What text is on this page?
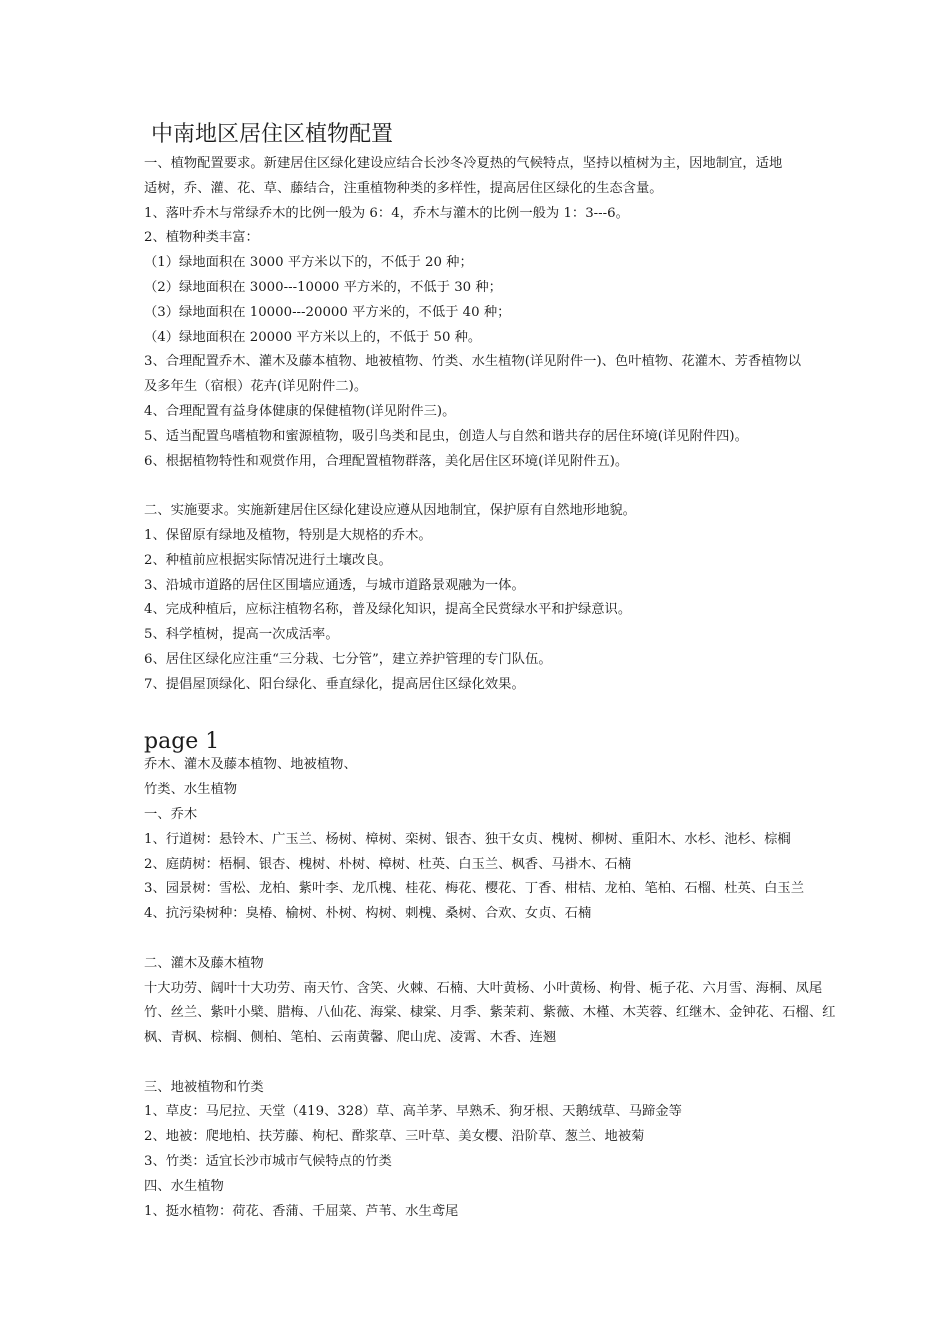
中南地区居住区植物配置

一、植物配置要求。新建居住区绿化建设应结合长沙冬冷夏热的气候特点，坚持以植树为主，因地制宜，适地

适树，乔、灌、花、草、藤结合，注重植物种类的多样性，提高居住区绿化的生态含量。

1、落叶乔木与常绿乔木的比例一般为 6：4，乔木与灌木的比例一般为 1：3---6。

2、植物种类丰富：

（1）绿地面积在 3000 平方米以下的，不低于 20 种；

（2）绿地面积在 3000---10000 平方米的，不低于 30 种；

（3）绿地面积在 10000---20000 平方米的，不低于 40 种；

（4）绿地面积在 20000 平方米以上的，不低于 50 种。

3、合理配置乔木、灌木及藤本植物、地被植物、竹类、水生植物(详见附件一)、色叶植物、花灌木、芳香植物以

及多年生（宿根）花卉(详见附件二)。

4、合理配置有益身体健康的保健植物(详见附件三)。

5、适当配置鸟嗜植物和蜜源植物，吸引鸟类和昆虫，创造人与自然和谐共存的居住环境(详见附件四)。

6、根据植物特性和观赏作用，合理配置植物群落，美化居住区环境(详见附件五)。

二、实施要求。实施新建居住区绿化建设应遵从因地制宜，保护原有自然地形地貌。

1、保留原有绿地及植物，特别是大规格的乔木。

2、种植前应根据实际情况进行土壤改良。

3、沿城市道路的居住区围墙应通透，与城市道路景观融为一体。

4、完成种植后，应标注植物名称，普及绿化知识，提高全民赏绿水平和护绿意识。

5、科学植树，提高一次成活率。

6、居住区绿化应注重“三分栽、七分管”，建立养护管理的专门队伍。

7、提倡屋顶绿化、阳台绿化、垂直绿化，提高居住区绿化效果。

page 1

乔木、灌木及藤本植物、地被植物、

竹类、水生植物

一、乔木

1、行道树：悬铃木、广玉兰、杨树、樟树、栾树、银杏、独干女贞、槐树、柳树、重阳木、水杉、池杉、棕榈

2、庭荫树：梧桐、银杏、槐树、朴树、樟树、杜英、白玉兰、枫香、马褂木、石楠

3、园景树：雪松、龙柏、紫叶李、龙爪槐、桂花、梅花、樱花、丁香、柑桔、龙柏、笔柏、石榴、杜英、白玉兰

4、抗污染树种：臭椿、榆树、朴树、构树、刺槐、桑树、合欢、女贞、石楠

二、灌木及藤木植物

十大功劳、阔叶十大功劳、南天竹、含笑、火棘、石楠、大叶黄杨、小叶黄杨、枸骨、栀子花、六月雪、海桐、凤尾

竹、丝兰、紫叶小檗、腊梅、八仙花、海棠、棣棠、月季、紫茉莉、紫薇、木槿、木芙蓉、红继木、金钟花、石榴、红

枫、青枫、棕榈、侧柏、笔柏、云南黄馨、爬山虎、凌霄、木香、连翘

三、地被植物和竹类

1、草皮：马尼拉、天堂（419、328）草、高羊茅、早熟禾、狗牙根、天鹅绒草、马蹄金等

2、地被：爬地柏、扶芳藤、枸杞、酢浆草、三叶草、美女樱、沿阶草、葱兰、地被菊

3、竹类：适宜长沙市城市气候特点的竹类

四、水生植物

1、挺水植物：荷花、香蒲、千屈菜、芦苇、水生鸢尾
